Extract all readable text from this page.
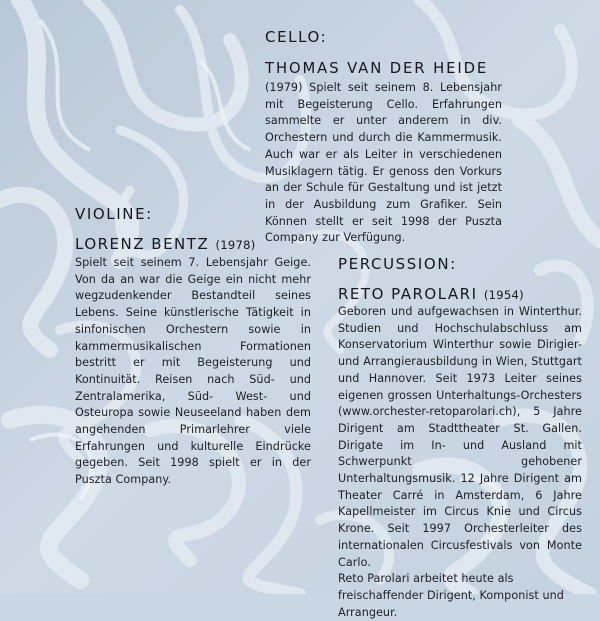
CELLO:
THOMAS VAN DER HEIDE

(1979) Spielt seit seinem 8. Lebensjahr mit Begeisterung Cello. Erfahrungen sammelte er unter anderem in div. Orchestern und durch die Kammermusik. Auch war er als Leiter in verschiedenen Musiklagern tätig. Er genoss den Vorkurs an der Schule für Gestaltung und ist jetzt in der Ausbildung zum Grafiker. Sein Können stellt er seit 1998 der Puszta Company zur Verfügung.

VIOLINE:
LORENZ BENTZ (1978)

Spielt seit seinem 7. Lebensjahr Geige. Von da an war die Geige ein nicht mehr wegzudenkender Bestandteil seines Lebens. Seine künstlerische Tätigkeit in sinfonischen Orchestern sowie in kammermusikalischen Formationen bestritt er mit Begeisterung und Kontinuität. Reisen nach Süd- und Zentralamerika, Süd- West- und Osteuropa sowie Neuseeland haben dem angehenden Primarlehrer viele Erfahrungen und kulturelle Eindrücke gegeben. Seit 1998 spielt er in der Puszta Company.

PERCUSSION:
RETO PAROLARI (1954)

Geboren und aufgewachsen in Winterthur. Studien und Hochschulabschluss am Konservatorium Winterthur sowie Dirigier- und Arrangierausbildung in Wien, Stuttgart und Hannover. Seit 1973 Leiter seines eigenen grossen Unterhaltungs-Orchesters (www.orchester-retoparolari.ch), 5 Jahre Dirigent am Stadttheater St. Gallen. Dirigate im In- und Ausland mit Schwerpunkt gehobener Unterhaltungsmusik. 12 Jahre Dirigent am Theater Carré in Amsterdam, 6 Jahre Kapellmeister im Circus Knie und Circus Krone. Seit 1997 Orchesterleiter des internationalen Circusfestivals von Monte Carlo.

Reto Parolari arbeitet heute als freischaffender Dirigent, Komponist und Arrangeur.
